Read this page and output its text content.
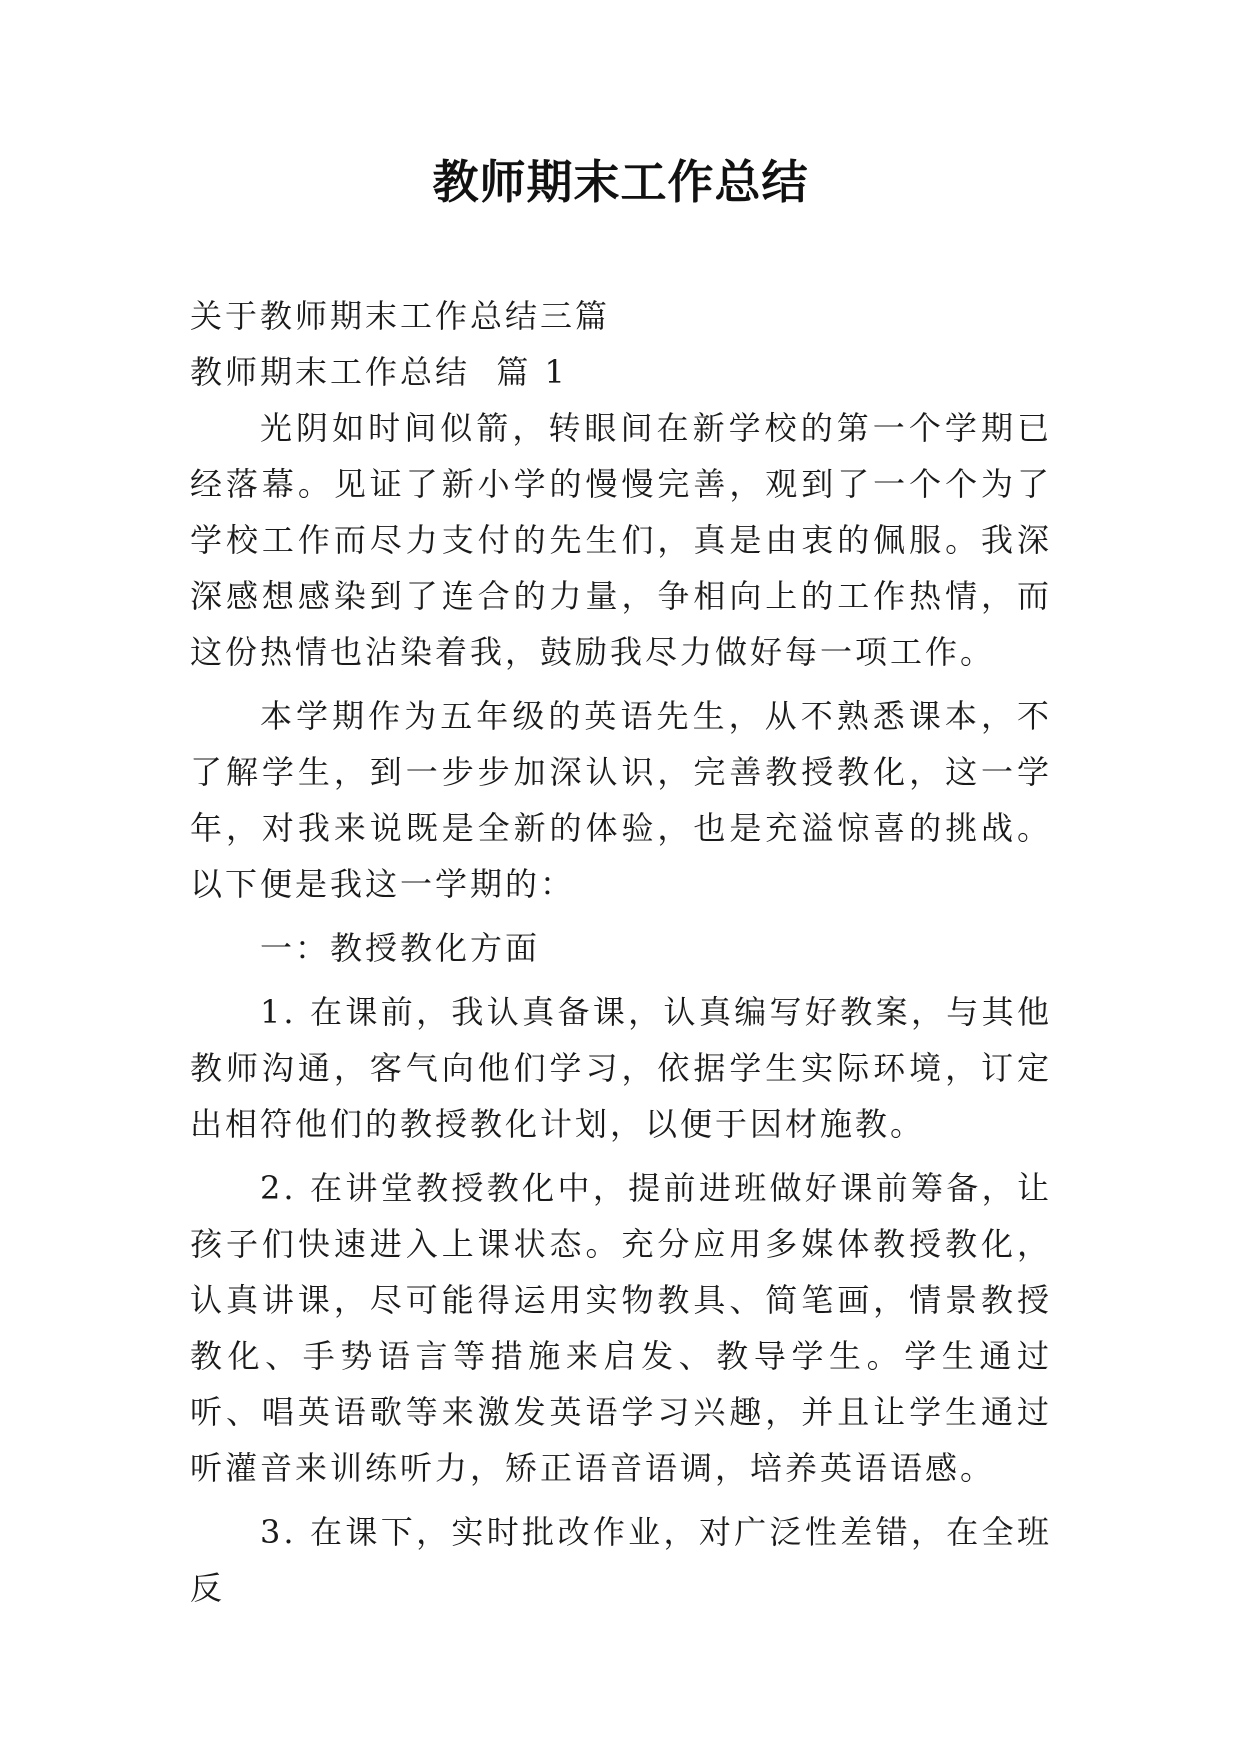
教师期末工作总结

关于教师期末工作总结三篇

教师期末工作总结  篇 1

光阴如时间似箭，转眼间在新学校的第一个学期已经落幕。见证了新小学的慢慢完善，观到了一个个为了学校工作而尽力支付的先生们，真是由衷的佩服。我深深感想感染到了连合的力量，争相向上的工作热情，而这份热情也沾染着我，鼓励我尽力做好每一项工作。

本学期作为五年级的英语先生，从不熟悉课本，不了解学生，到一步步加深认识，完善教授教化，这一学年，对我来说既是全新的体验，也是充溢惊喜的挑战。以下便是我这一学期的：

一：教授教化方面

1. 在课前，我认真备课，认真编写好教案，与其他教师沟通，客气向他们学习，依据学生实际环境，订定出相符他们的教授教化计划，以便于因材施教。

2. 在讲堂教授教化中，提前进班做好课前筹备，让孩子们快速进入上课状态。充分应用多媒体教授教化，认真讲课，尽可能得运用实物教具、简笔画，情景教授教化、手势语言等措施来启发、教导学生。学生通过听、唱英语歌等来激发英语学习兴趣，并且让学生通过听灌音来训练听力，矫正语音语调，培养英语语感。

3. 在课下，实时批改作业，对广泛性差错，在全班反
